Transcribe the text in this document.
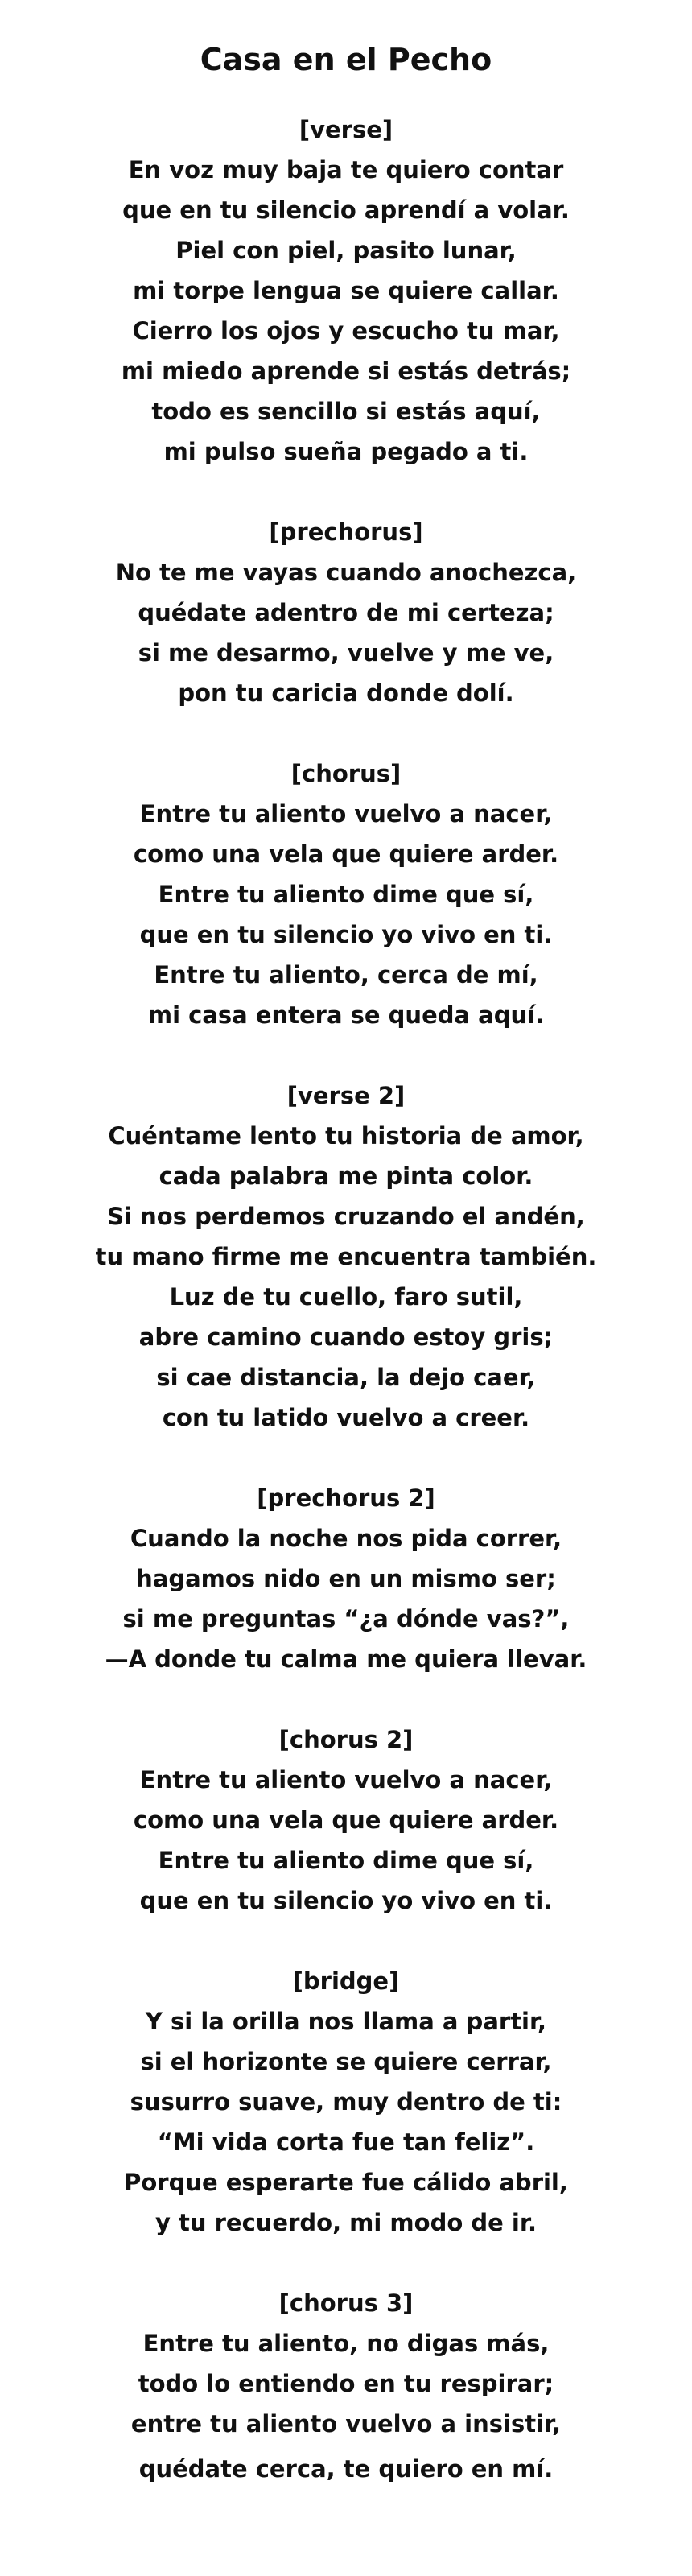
Casa en el Pecho
[verse]
En voz muy baja te quiero contar
que en tu silencio aprendí a volar.
Piel con piel, pasito lunar,
mi torpe lengua se quiere callar.
Cierro los ojos y escucho tu mar,
mi miedo aprende si estás detrás;
todo es sencillo si estás aquí,
mi pulso sueña pegado a ti.
[prechorus]
No te me vayas cuando anochezca,
quédate adentro de mi certeza;
si me desarmo, vuelve y me ve,
pon tu caricia donde dolí.
[chorus]
Entre tu aliento vuelvo a nacer,
como una vela que quiere arder.
Entre tu aliento dime que sí,
que en tu silencio yo vivo en ti.
Entre tu aliento, cerca de mí,
mi casa entera se queda aquí.
[verse 2]
Cuéntame lento tu historia de amor,
cada palabra me pinta color.
Si nos perdemos cruzando el andén,
tu mano firme me encuentra también.
Luz de tu cuello, faro sutil,
abre camino cuando estoy gris;
si cae distancia, la dejo caer,
con tu latido vuelvo a creer.
[prechorus 2]
Cuando la noche nos pida correr,
hagamos nido en un mismo ser;
si me preguntas “¿a dónde vas?”,
—A donde tu calma me quiera llevar.
[chorus 2]
Entre tu aliento vuelvo a nacer,
como una vela que quiere arder.
Entre tu aliento dime que sí,
que en tu silencio yo vivo en ti.
[bridge]
Y si la orilla nos llama a partir,
si el horizonte se quiere cerrar,
susurro suave, muy dentro de ti:
“Mi vida corta fue tan feliz”.
Porque esperarte fue cálido abril,
y tu recuerdo, mi modo de ir.
[chorus 3]
Entre tu aliento, no digas más,
todo lo entiendo en tu respirar;
entre tu aliento vuelvo a insistir,
quédate cerca, te quiero en mí.
